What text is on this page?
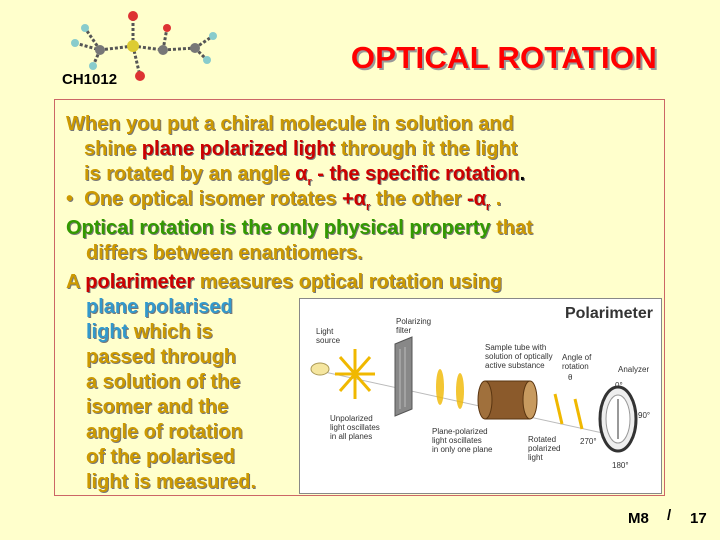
CH1012
OPTICAL ROTATION
When you put a chiral molecule in solution and
shine plane polarized light through it the light
is rotated by an angle $\alpha_r$ - the specific rotation.
• One optical isomer rotates $+\alpha_r$ the other $-\alpha_r$ .
Optical rotation is the only physical property that
differs between enantiomers.
A polarimeter measures optical rotation using
plane polarised
light which is
passed through
a solution of the
isomer and the
angle of rotation
of the polarised
light is measured.
Polarimeter
Light
source
Polarizing
filter
Sample tube with
solution of optically
active substance
Angle of
rotation
θ
Analyzer
Unpolarized
light oscillates
in all planes
Plane-polarized
light oscillates
in only one plane
Rotated
polarized
light
0°
90°
180°
270°
M8 / 17
